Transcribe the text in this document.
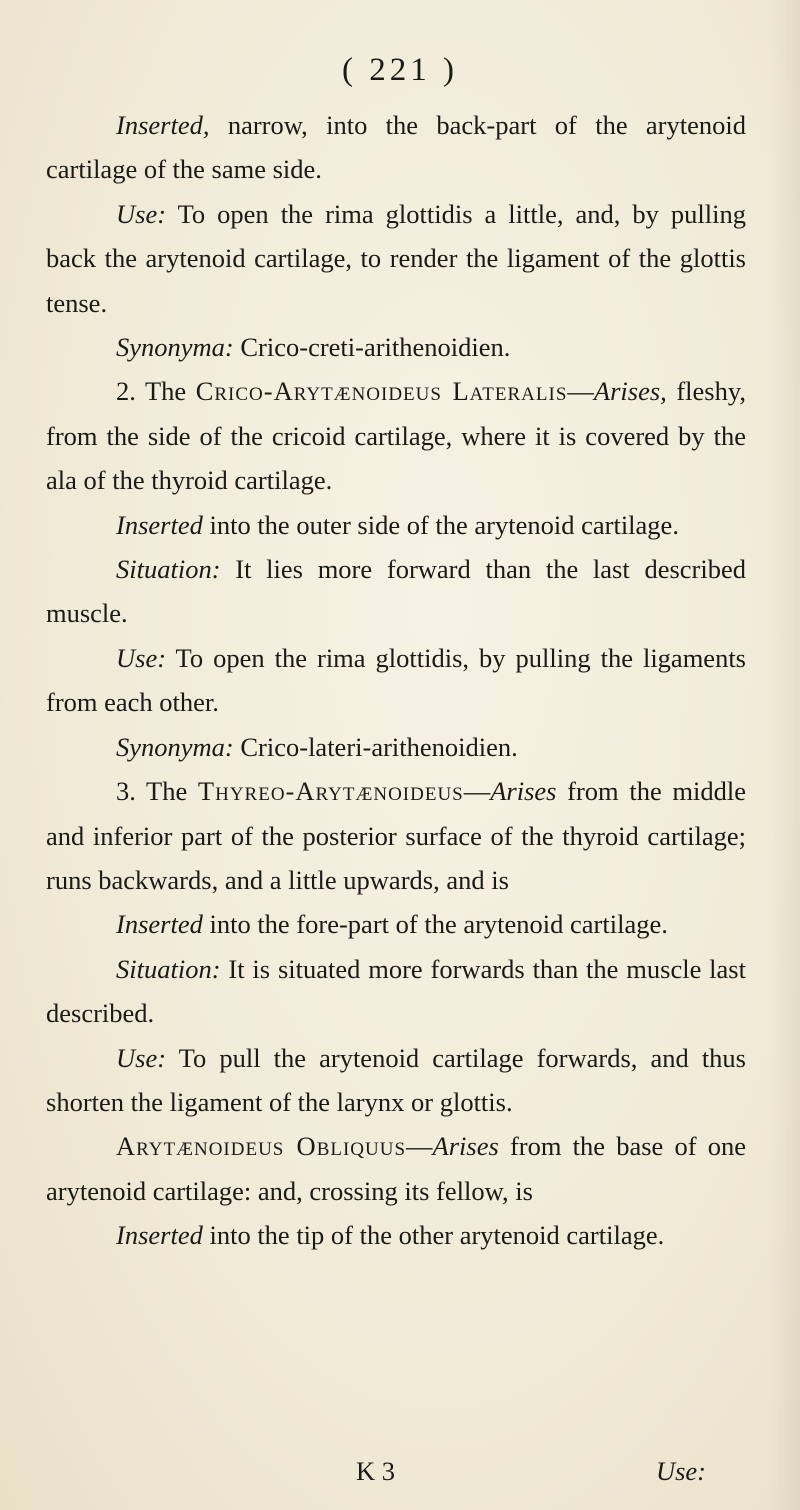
( 221 )

Inserted, narrow, into the back-part of the arytenoid cartilage of the same side.

Use: To open the rima glottidis a little, and, by pulling back the arytenoid cartilage, to render the ligament of the glottis tense.

Synonyma: Crico-creti-arithenoidien.

2. The Crico-Arytænoideus Lateralis—Arises, fleshy, from the side of the cricoid cartilage, where it is covered by the ala of the thyroid cartilage.

Inserted into the outer side of the arytenoid cartilage.

Situation: It lies more forward than the last described muscle.

Use: To open the rima glottidis, by pulling the ligaments from each other.

Synonyma: Crico-lateri-arithenoidien.

3. The Thyreo-Arytænoideus—Arises from the middle and inferior part of the posterior surface of the thyroid cartilage; runs backwards, and a little upwards, and is

Inserted into the fore-part of the arytenoid cartilage.

Situation: It is situated more forwards than the muscle last described.

Use: To pull the arytenoid cartilage forwards, and thus shorten the ligament of the larynx or glottis.

Arytænoideus Obliquus—Arises from the base of one arytenoid cartilage: and, crossing its fellow, is

Inserted into the tip of the other arytenoid cartilage.

K 3	Use:
